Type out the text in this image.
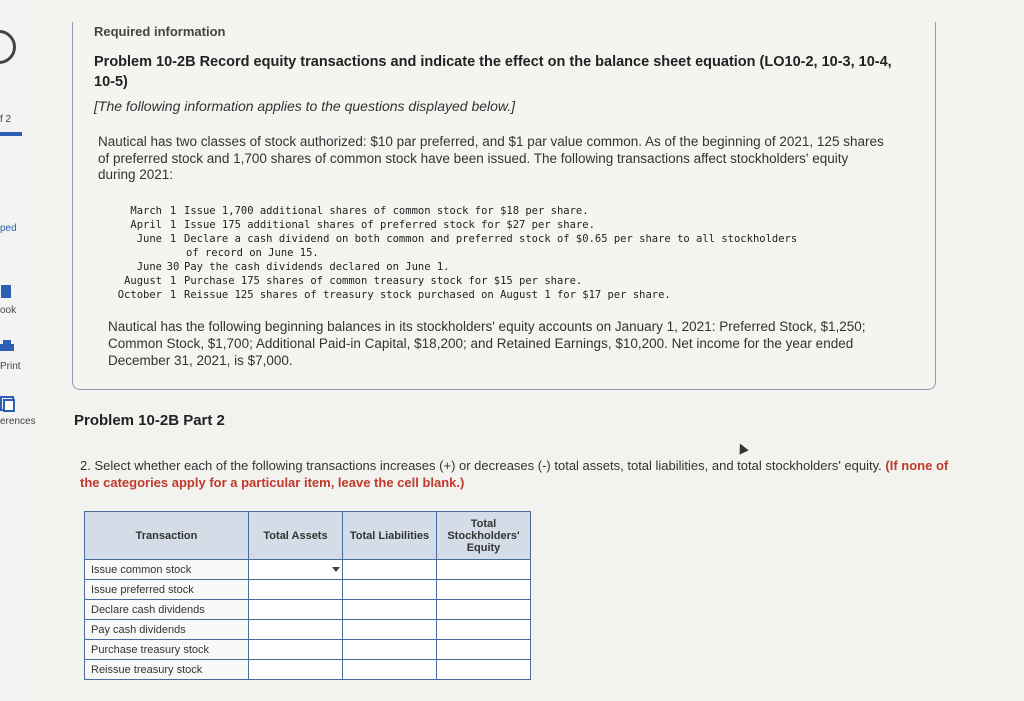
f 2
ped
ook
Print
erences
Required information
Problem 10-2B Record equity transactions and indicate the effect on the balance sheet equation (LO10-2, 10-3, 10-4, 10-5)
[The following information applies to the questions displayed below.]
Nautical has two classes of stock authorized: $10 par preferred, and $1 par value common. As of the beginning of 2021, 125 shares of preferred stock and 1,700 shares of common stock have been issued. The following transactions affect stockholders' equity during 2021:
March 1 Issue 1,700 additional shares of common stock for $18 per share.
April 1 Issue 175 additional shares of preferred stock for $27 per share.
June 1 Declare a cash dividend on both common and preferred stock of $0.65 per share to all stockholders
of record on June 15.
June 30 Pay the cash dividends declared on June 1.
August 1 Purchase 175 shares of common treasury stock for $15 per share.
October 1 Reissue 125 shares of treasury stock purchased on August 1 for $17 per share.
Nautical has the following beginning balances in its stockholders' equity accounts on January 1, 2021: Preferred Stock, $1,250; Common Stock, $1,700; Additional Paid-in Capital, $18,200; and Retained Earnings, $10,200. Net income for the year ended December 31, 2021, is $7,000.
Problem 10-2B Part 2
2. Select whether each of the following transactions increases (+) or decreases (-) total assets, total liabilities, and total stockholders' equity. (If none of the categories apply for a particular item, leave the cell blank.)
Transaction	Total Assets	Total Liabilities	Total Stockholders' Equity
Issue common stock	

Issue preferred stock			
Declare cash dividends			
Pay cash dividends			
Purchase treasury stock			
Reissue treasury stock			
